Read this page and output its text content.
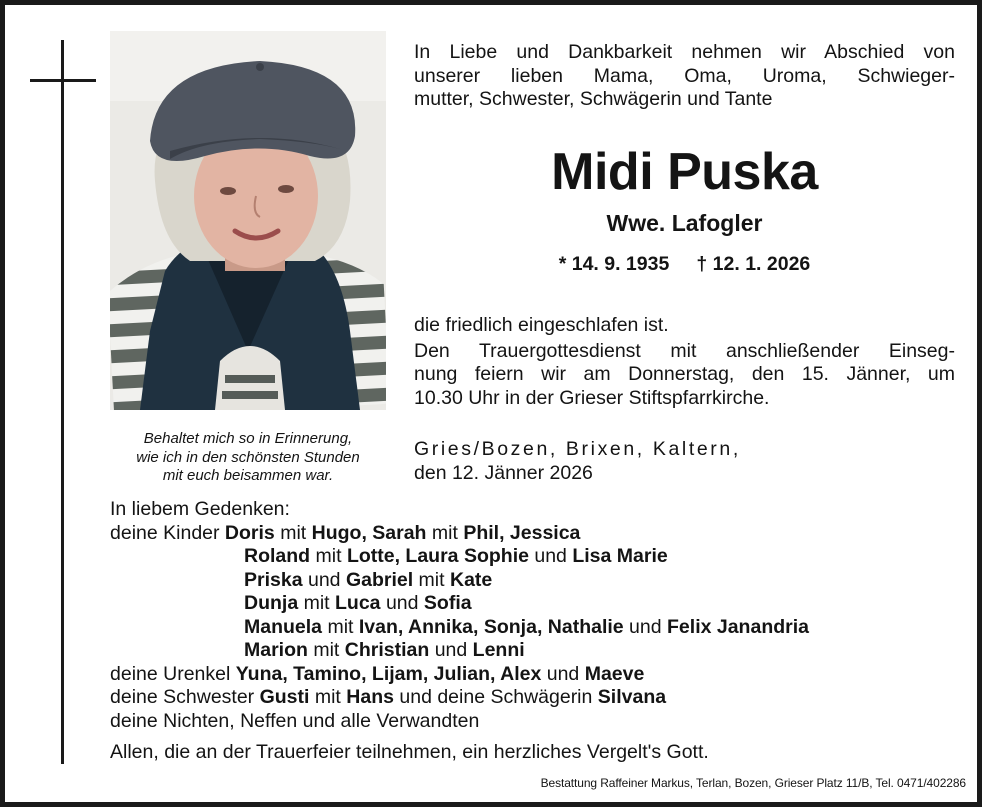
Behaltet mich so in Erinnerung,
wie ich in den schönsten Stunden
mit euch beisammen war.
In Liebe und Dankbarkeit nehmen wir Abschied von
unserer lieben Mama, Oma, Uroma, Schwieger-
mutter, Schwester, Schwägerin und Tante
Midi Puska
Wwe. Lafogler
* 14. 9. 1935 † 12. 1. 2026
die friedlich eingeschlafen ist.
Den Trauergottesdienst mit anschließender Einseg-
nung feiern wir am Donnerstag, den 15. Jänner, um
10.30 Uhr in der Grieser Stiftspfarrkirche.
Gries/Bozen, Brixen, Kaltern,
den 12. Jänner 2026
In liebem Gedenken:
deine Kinder Doris mit Hugo, Sarah mit Phil, Jessica
Roland mit Lotte, Laura Sophie und Lisa Marie
Priska und Gabriel mit Kate
Dunja mit Luca und Sofia
Manuela mit Ivan, Annika, Sonja, Nathalie und Felix Janandria
Marion mit Christian und Lenni
deine Urenkel Yuna, Tamino, Lijam, Julian, Alex und Maeve
deine Schwester Gusti mit Hans und deine Schwägerin Silvana
deine Nichten, Neffen und alle Verwandten
Allen, die an der Trauerfeier teilnehmen, ein herzliches Vergelt's Gott.
Bestattung Raffeiner Markus, Terlan, Bozen, Grieser Platz 11/B, Tel. 0471/402286
